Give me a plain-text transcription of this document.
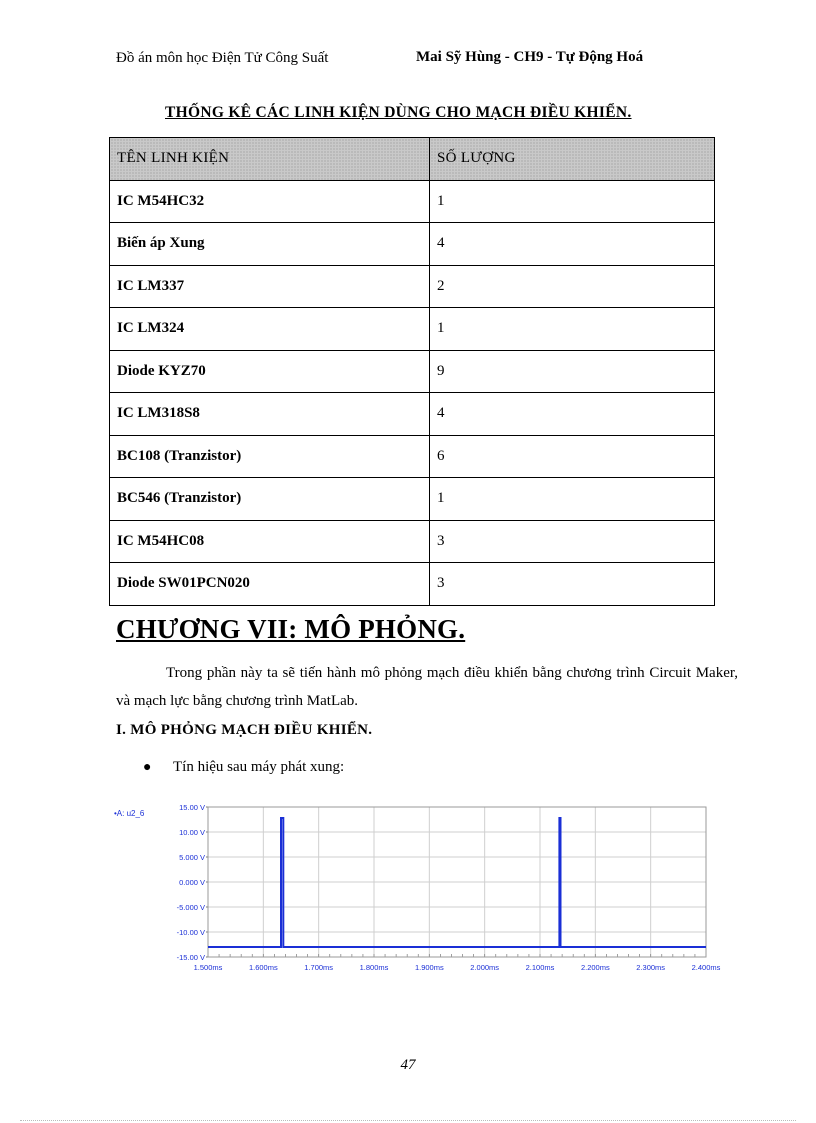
Đồ án môn học Điện Tử Công Suất	Mai Sỹ Hùng - CH9 - Tự Động Hoá
THỐNG KÊ CÁC LINH KIỆN DÙNG CHO MẠCH ĐIỀU KHIỂN.
TÊN LINH KIỆN	SỐ LƯỢNG
IC M54HC32	1
Biến áp Xung	4
IC LM337	2
IC LM324	1
Diode KYZ70	9
IC LM318S8	4
BC108 (Tranzistor)	6
BC546 (Tranzistor)	1
IC M54HC08	3
Diode SW01PCN020	3
CHƯƠNG VII: MÔ PHỎNG.
Trong phần này ta sẽ tiến hành mô phỏng mạch điều khiển bằng chương trình Circuit Maker, và mạch lực bằng chương trình MatLab.
I. MÔ PHỎNG MẠCH ĐIỀU KHIỂN.
● Tín hiệu sau máy phát xung:
15.00 V
10.00 V
5.000 V
0.000 V
-5.000 V
-10.00 V
-15.00 V
1.500ms	1.600ms	1.700ms	1.800ms	1.900ms	2.000ms	2.100ms	2.200ms	2.300ms	2.400ms
•A: u2_6
47
